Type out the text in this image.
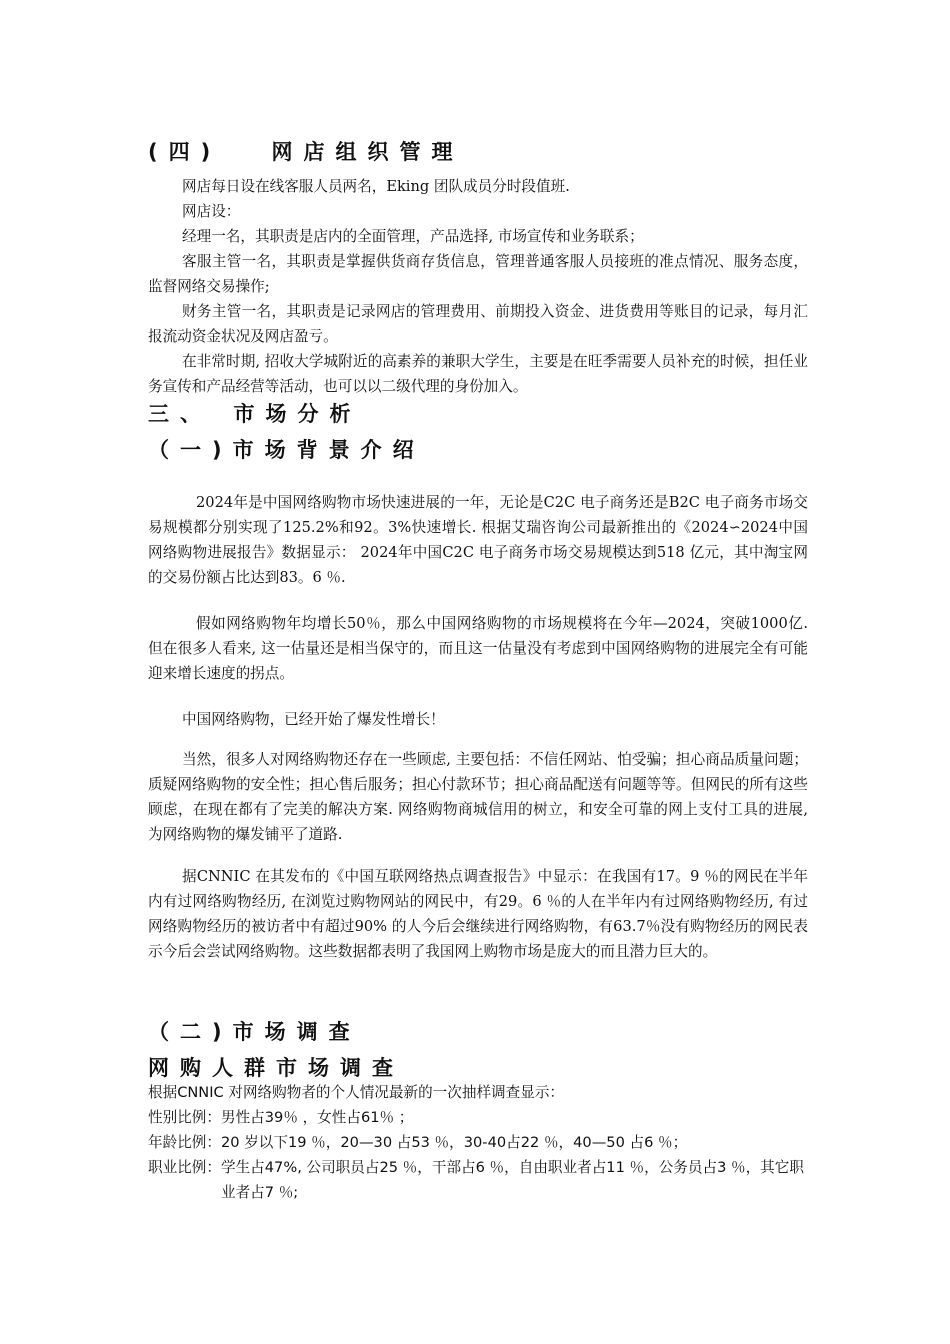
(四)　 网店组织管理

网店每日设在线客服人员两名，Eking 团队成员分时段值班.

网店设：

经理一名，其职责是店内的全面管理，产品选择, 市场宣传和业务联系；

客服主管一名，其职责是掌握供货商存货信息，管理普通客服人员接班的准点情况、服务态度，监督网络交易操作;

财务主管一名，其职责是记录网店的管理费用、前期投入资金、进货费用等账目的记录，每月汇报流动资金状况及网店盈亏。

在非常时期, 招收大学城附近的高素养的兼职大学生，主要是在旺季需要人员补充的时候，担任业务宣传和产品经营等活动，也可以以二级代理的身份加入。

三、　市场分析
（一)市场背景介绍

2024年是中国网络购物市场快速进展的一年，无论是C2C 电子商务还是B2C 电子商务市场交易规模都分别实现了125.2%和92。3%快速增长. 根据艾瑞咨询公司最新推出的《2024∽2024中国网络购物进展报告》数据显示： 2024年中国C2C 电子商务市场交易规模达到518 亿元，其中淘宝网的交易份额占比达到83。6 ％.

假如网络购物年均增长50％，那么中国网络购物的市场规模将在今年—2024，突破1000亿. 但在很多人看来, 这一估量还是相当保守的，而且这一估量没有考虑到中国网络购物的进展完全有可能迎来增长速度的拐点。

中国网络购物，已经开始了爆发性增长！

当然，很多人对网络购物还存在一些顾虑, 主要包括：不信任网站、怕受骗；担心商品质量问题；质疑网络购物的安全性；担心售后服务；担心付款环节；担心商品配送有问题等等。但网民的所有这些顾虑，在现在都有了完美的解决方案. 网络购物商城信用的树立，和安全可靠的网上支付工具的进展, 为网络购物的爆发铺平了道路.

据CNNIC 在其发布的《中国互联网络热点调查报告》中显示：在我国有17。9 ％的网民在半年内有过网络购物经历, 在浏览过购物网站的网民中，有29。6 ％的人在半年内有过网络购物经历, 有过网络购物经历的被访者中有超过90% 的人今后会继续进行网络购物，有63.7％没有购物经历的网民表示今后会尝试网络购物。这些数据都表明了我国网上购物市场是庞大的而且潜力巨大的。

（二)市场调查
网购人群市场调查
根据CNNIC 对网络购物者的个人情况最新的一次抽样调查显示：
性别比例： 男性占39％ ，女性占61％ ；
年龄比例： 20 岁以下19 ％，20—30 占53 ％，30-40占22 ％，40—50 占6 ％；
职业比例： 学生占47%, 公司职员占25 ％，干部占6 ％，自由职业者占11 ％，公务员占3 ％，其它职业者占7 ％;
